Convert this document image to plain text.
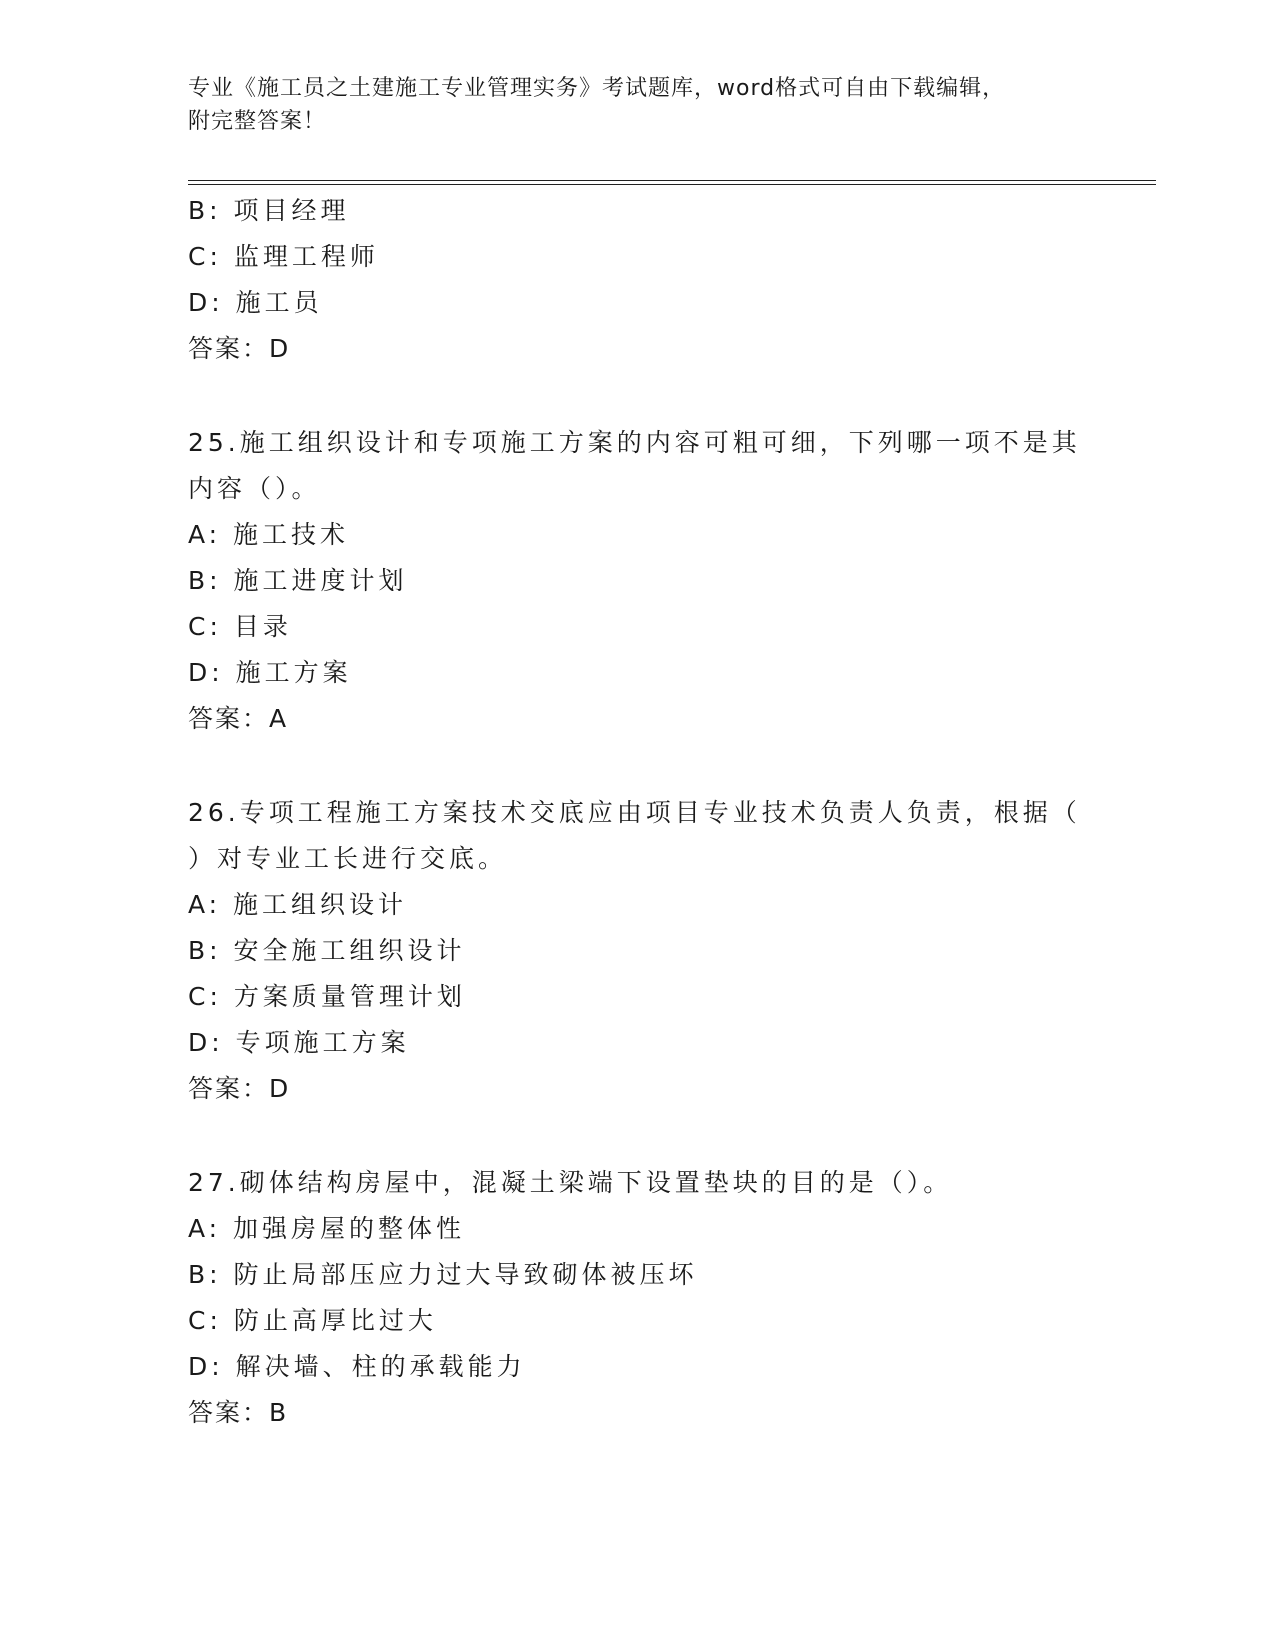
专业《施工员之土建施工专业管理实务》考试题库，word格式可自由下载编辑，
附完整答案！
B: 项目经理
C: 监理工程师
D: 施工员
答案：D
25.施工组织设计和专项施工方案的内容可粗可细，下列哪一项不是其
内容（）。
A: 施工技术
B: 施工进度计划
C: 目录
D: 施工方案
答案：A
26.专项工程施工方案技术交底应由项目专业技术负责人负责，根据（
）对专业工长进行交底。
A: 施工组织设计
B: 安全施工组织设计
C: 方案质量管理计划
D: 专项施工方案
答案：D
27.砌体结构房屋中，混凝土梁端下设置垫块的目的是（）。
A: 加强房屋的整体性
B: 防止局部压应力过大导致砌体被压坏
C: 防止高厚比过大
D: 解决墙、柱的承载能力
答案：B
